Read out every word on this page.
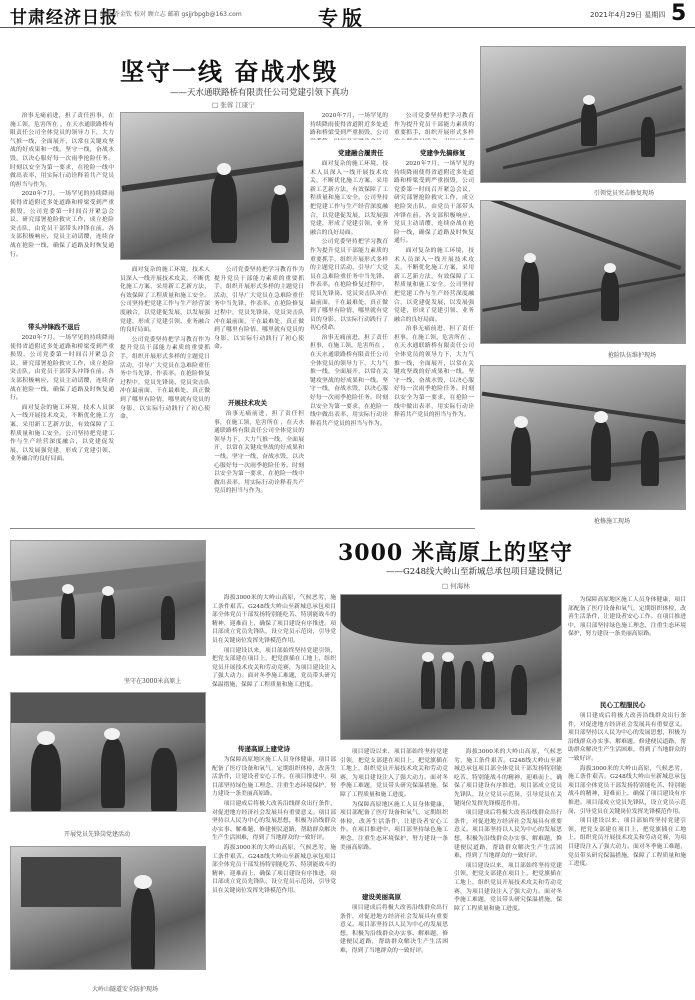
甘肃经济日报
编辑 乔金钦 校对 顾立志 邮箱 gsjjrbpgb@163.com	专版	2021年4月29日 星期四 5
坚守一线 奋战水毁
——天水通联路桥有限责任公司党建引领下真功
□ 张蓉 江康宁

治事无痛前进，担了责任担事，在施工领，危害所在 ，在天水通联路桥有限责任公司全体党员的领导力下，大力气推一线，全面展开，以常在关键攻坚战的好成果和一线。坚守一线，奋战水毁，以决心服好每一次雨季抢险任务。时刻以安全为第一要求，在抢险一线中做出表率，用实际行动诠释着共产党员的担当与作为。

2020年7月，一场罕见的持续降雨使得省道附近多处道路和桥梁受到严重损毁，公司党委第一时间召开紧急会议，研究部署抢险救灾工作，成立抢险突击队，由党员干部带头冲锋在前。各支部积极响应，党员主动请缨，连续奋战在抢险一线，确保了道路及时恢复通行。

带头冲锋践不退后

2020年7月，一场罕见的持续降雨使得省道附近多处道路和桥梁受到严重损毁，公司党委第一时间召开紧急会议，研究部署抢险救灾工作，成立抢险突击队，由党员干部带头冲锋在前。各支部积极响应，党员主动请缨，连续奋战在抢险一线，确保了道路及时恢复通行。

面对复杂的施工环境，技术人员深入一线开展技术攻关，不断优化施工方案，采用新工艺新方法，有效保障了工程质量和施工安全。公司坚持把党建工作与生产经营深度融合，以党建促发展，以发展强党建，形成了党建引领、业务融合的良好局面。

面对复杂的施工环境，技术人员深入一线开展技术攻关，不断优化施工方案，采用新工艺新方法，有效保障了工程质量和施工安全。公司坚持把党建工作与生产经营深度融合，以党建促发展，以发展强党建，形成了党建引领、业务融合的良好局面。

公司党委坚持把学习教育作为提升党员干部能力素质的重要抓手，组织开展形式多样的主题党日活动，引导广大党员在急难险重任务中当先锋、作表率。在抢险修复过程中，党员先锋岗、党员突击队冲在最前面，干在最难处，真正做到了哪里有险情，哪里就有党员的身影，以实际行动践行了初心使命。

开展技术攻关

公司党委坚持把学习教育作为提升党员干部能力素质的重要抓手，组织开展形式多样的主题党日活动，引导广大党员在急难险重任务中当先锋、作表率。在抢险修复过程中，党员先锋岗、党员突击队冲在最前面，干在最难处，真正做到了哪里有险情，哪里就有党员的身影，以实际行动践行了初心使命。

治事无痛前进，担了责任担事，在施工领，危害所在 ，在天水通联路桥有限责任公司全体党员的领导力下，大力气推一线，全面展开，以常在关键攻坚战的好成果和一线。坚守一线，奋战水毁，以决心服好每一次雨季抢险任务。时刻以安全为第一要求，在抢险一线中做出表率，用实际行动诠释着共产党员的担当与作为。

2020年7月，一场罕见的持续降雨使得省道附近多处道路和桥梁受到严重损毁，公司

党建融合履责任

面对复杂的施工环境，技术人员深入一线开展技术攻关，不断优化施工方案，采用新工艺新方法，有效保障了工程质量和施工安全。公司坚持把党建工作与生产经营深度融合，以党建促发展，以发展强党建，形成了党建引领、业务融合的良好局面。

公司党委坚持把学习教育作为提升党员干部能力素质的重要抓手，组织开展形式多样的主题党日活动，引导广大党员在急难险重任务中当先锋、作表率。在抢险修复过程中，党员先锋岗、党员突击队冲在最前面，干在最难处，真正做到了哪里有险情，哪里就有党员的身影，以实际行动践行了初心使命。

治事无痛前进，担了责任担事，在施工领，危害所在 ，在天水通联路桥有限责任公司全体党员的领导力下，大力气推一线，全面展开，以常在关键攻坚战的好成果和一线。坚守一线，奋战水毁，以决心服好每一次雨季抢险任务。时刻以安全为第一要求，在抢险一线中做出表率，用实际行动诠释着共产党员的担当与作为。

公司党委坚持把学习教育作为提升党员干部能力素质的重要抓手，组织开展形式多样

党建争先搞修复

2020年7月，一场罕见的持续降雨使得省道附近多处道路和桥梁受到严重损毁，公司党委第一时间召开紧急会议，研究部署抢险救灾工作，成立抢险突击队，由党员干部带头冲锋在前。各支部积极响应，党员主动请缨，连续奋战在抢险一线，确保了道路及时恢复通行。

面对复杂的施工环境，技术人员深入一线开展技术攻关，不断优化施工方案，采用新工艺新方法，有效保障了工程质量和施工安全。公司坚持把党建工作与生产经营深度融合，以党建促发展，以发展强党建，形成了党建引领、业务融合的良好局面。

治事无痛前进，担了责任担事，在施工领，危害所在 ，在天水通联路桥有限责任公司全体党员的领导力下，大力气推一线，全面展开，以常在关键攻坚战的好成果和一线。坚守一线，奋战水毁，以决心服好每一次雨季抢险任务。时刻以安全为第一要求，在抢险一线中做出表率，用实际行动诠释着共产党员的担当与作为。

引领党员突击修复现场
抢险队伍维护现场
抢修施工现场
3000 米高原上的坚守
——G248线大岭山至新城总承包项目建设侧记
□ 何海林
坚守在3000米高原上
开展党员先锋岗党建活动
大岭山隧道安全防护现场

海拔3000米的大岭山高原，气候恶劣，施工条件艰苦。G248线大岭山至新城总承包项目部全体党员干部发扬特别能吃苦、特别能战斗的精神，迎难而上，确保了项目建设有序推进。项目部成立党员先锋队，设立党员示范岗，引导党员在关键岗位发挥先锋模范作用。

项目建设以来，项目部始终坚持党建引领，把党支部建在项目上，把党旗插在工地上，组织党员开展技术攻关和劳动竞赛，为项目建设注入了强大动力。面对冬季施工难题，党员带头研究保温措施，保障了工程质量和施工进度。

传递高原上建党诗

为保障高原地区施工人员身体健康，项目部配备了医疗设备和氧气，定期组织体检，改善生活条件，让建设者安心工作。在项目推进中，项目部坚持绿色施工理念，注重生态环境保护，努力建设一条美丽高原路。

项目建成后将极大改善沿线群众出行条件，对促进地方经济社会发展具有重要意义。项目部坚持以人民为中心的发展思想，积极为沿线群众办实事、解难题，修建便民道路，帮助群众解决生产生活困难，得到了当地群众的一致好评。

海拔3000米的大岭山高原，气候恶劣，施工条件艰苦。G248线大岭山至新城总承包项目部全体党员干部发扬特别能吃苦、特别能战斗的精神，迎难而上，确保了项目建设有序推进。项目部成立党员先锋队，设立党员示范岗，引导党员在关键岗位发挥先锋模范作用。

项目建设以来，项目部始终坚持党建引领，把党支部建在项目上，把党旗插在工地上，组织党员开展技术攻关和劳动竞赛，为项目建设注入了强大动力。面对冬季施工难题，党员带头研究保温措施，保障了工程质量和施工进度。

为保障高原地区施工人员身体健康，项目部配备了医疗设备和氧气，定期组织体检，改善生活条件，让建设者安心工作。在项目推进中，项目部坚持绿色施工理念，注重生态环境保护，努力建设一条美丽高原路。

建设美丽高原

项目建成后将极大改善沿线群众出行条件，对促进地方经济社会发展具有重要意义。项目部坚持以人民为中心的发展思想，积极为沿线群众办实事、解难题，修建便民道路，帮助群众解决生产生活困难，得到了当地群众的一致好评。

海拔3000米的大岭山高原，气候恶劣，施工条件艰苦。G248线大岭山至新城总承包项目部全体党员干部发扬特别能吃苦、特别能战斗的精神，迎难而上，确保了项目建设有序推进。项目部成立党员先锋队，设立党员示范岗，引导党员在关键岗位发挥先锋模范作用。

项目建成后将极大改善沿线群众出行条件，对促进地方经济社会发展具有重要意义。项目部坚持以人民为中心的发展思想，积极为沿线群众办实事、解难题，修建便民道路，帮助群众解决生产生活困难，得到了当地群众的一致好评。

项目建设以来，项目部始终坚持党建引领，把党支部建在项目上，把党旗插在工地上，组织党员开展技术攻关和劳动竞赛，为项目建设注入了强大动力。面对冬季施工难题，党员带头研究保温措施，保障了工程质量和施工进度。

为保障高原地区施工人员身体健康，项目部配备了医疗设备和氧气，定期组织体检，改善生活条件，让建设者安心工作。在项目推进中，项目部坚持绿色施工理念，注重生态环境保护，努力建设一条美丽高原路。

民心工程服民心

项目建成后将极大改善沿线群众出行条件，对促进地方经济社会发展具有重要意义。项目部坚持以人民为中心的发展思想，积极为沿线群众办实事、解难题，修建便民道路，帮助群众解决生产生活困难，得到了当地群众的一致好评。

海拔3000米的大岭山高原，气候恶劣，施工条件艰苦。G248线大岭山至新城总承包项目部全体党员干部发扬特别能吃苦、特别能战斗的精神，迎难而上，确保了项目建设有序推进。项目部成立党员先锋队，设立党员示范岗，引导党员在关键岗位发挥先锋模范作用。

项目建设以来，项目部始终坚持党建引领，把党支部建在项目上，把党旗插在工地上，组织党员开展技术攻关和劳动竞赛，为项目建设注入了强大动力。面对冬季施工难题，党员带头研究保温措施，保障了工程质量和施工进度。
